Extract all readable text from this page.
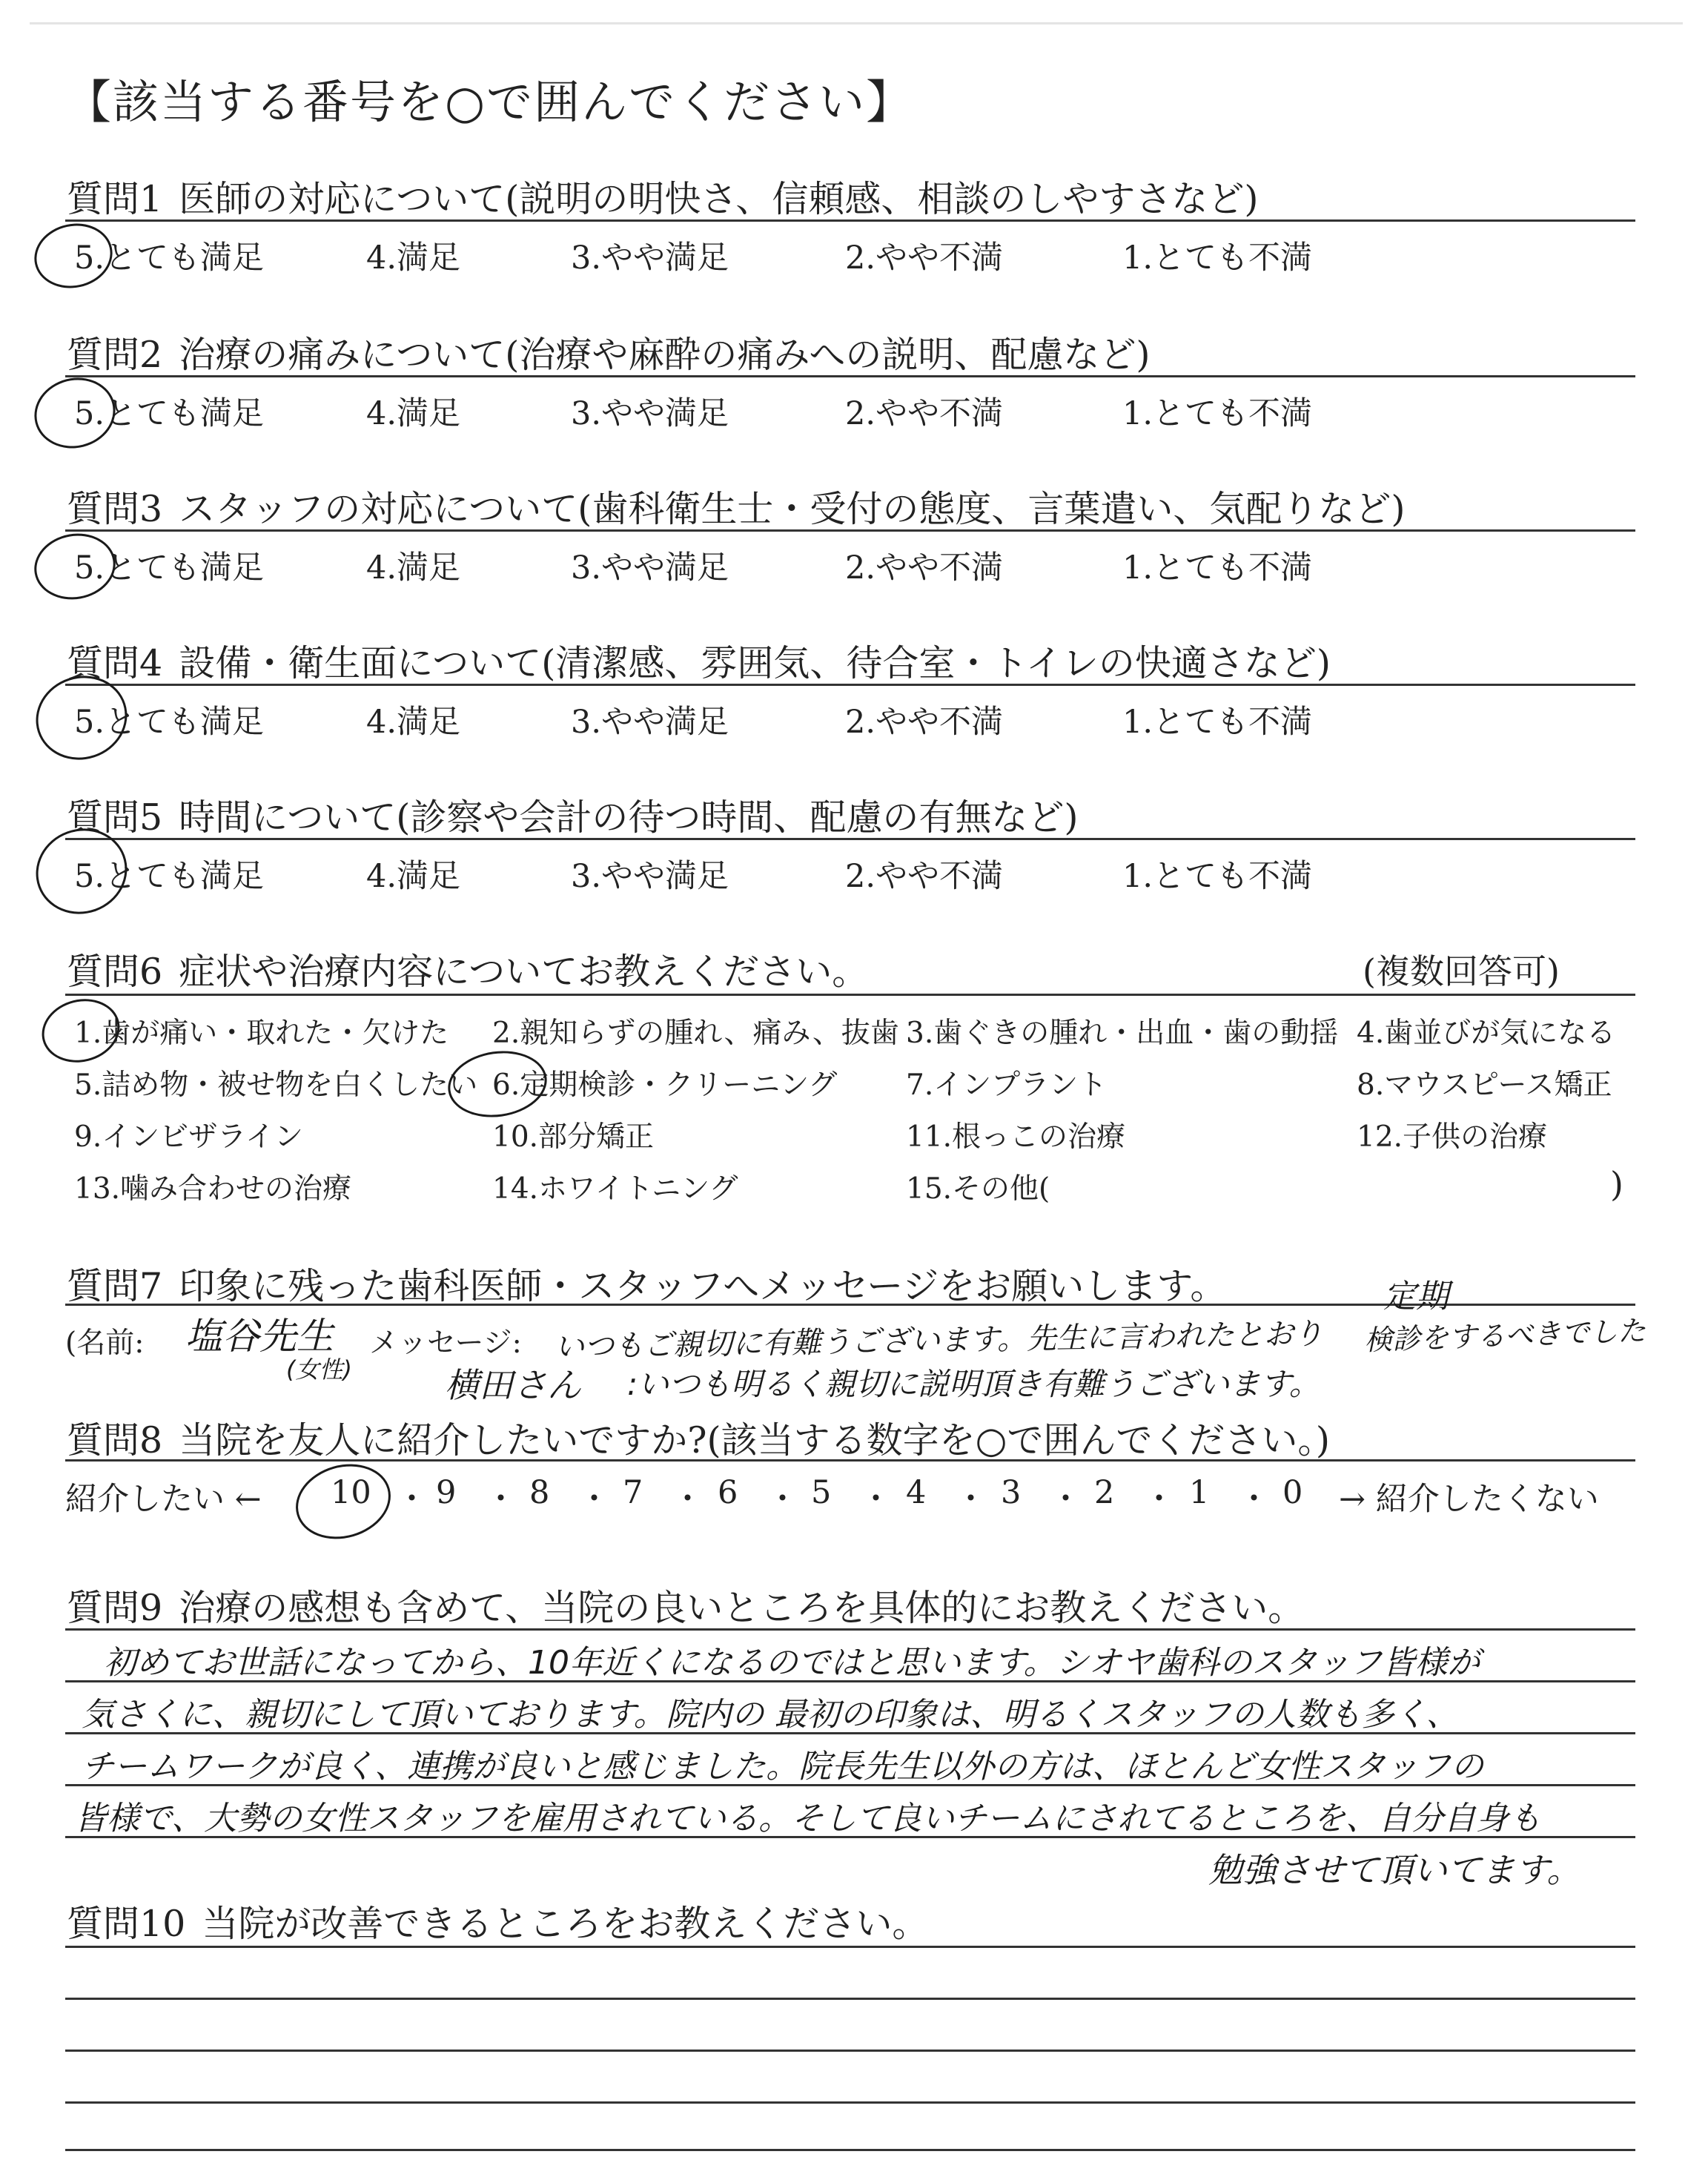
【該当する番号を○で囲んでください】
質問1 医師の対応について(説明の明快さ、信頼感、相談のしやすさなど)
5.とても満足	4.満足	3.やや満足	2.やや不満	1.とても不満
質問2 治療の痛みについて(治療や麻酔の痛みへの説明、配慮など)
5.とても満足	4.満足	3.やや満足	2.やや不満	1.とても不満
質問3 スタッフの対応について(歯科衛生士・受付の態度、言葉遣い、気配りなど)
5.とても満足	4.満足	3.やや満足	2.やや不満	1.とても不満
質問4 設備・衛生面について(清潔感、雰囲気、待合室・トイレの快適さなど)
5.とても満足	4.満足	3.やや満足	2.やや不満	1.とても不満
質問5 時間について(診察や会計の待つ時間、配慮の有無など)
5.とても満足	4.満足	3.やや満足	2.やや不満	1.とても不満
質問6 症状や治療内容についてお教えください。	(複数回答可)
1.歯が痛い・取れた・欠けた 2.親知らずの腫れ、痛み、抜歯 3.歯ぐきの腫れ・出血・歯の動揺 4.歯並びが気になる
5.詰め物・被せ物を白くしたい 6.定期検診・クリーニング 7.インプラント	8.マウスピース矯正
9.インビザライン	10.部分矯正	11.根っこの治療	12.子供の治療
13.噛み合わせの治療	14.ホワイトニング	15.その他(	)
質問7 印象に残った歯科医師・スタッフへメッセージをお願いします。
(名前:	メッセージ:
塩谷先生
(女性)
いつもご親切に有難うございます。先生に言われたとおり
定期
検診をするべきでした
横田さん :いつも明るく親切に説明頂き有難うございます。
質問8 当院を友人に紹介したいですか?(該当する数字を○で囲んでください。)
紹介したい ← 10 ・ 9 ・ 8 ・ 7 ・ 6 ・ 5 ・ 4 ・ 3 ・ 2 ・ 1 ・ 0 → 紹介したくない
質問9 治療の感想も含めて、当院の良いところを具体的にお教えください。
初めてお世話になってから、10年近くになるのではと思います。シオヤ歯科のスタッフ皆様が
気さくに、親切にして頂いております。院内の 最初の印象は、明るくスタッフの人数も多く、
チームワークが良く、連携が良いと感じました。院長先生以外の方は、ほとんど女性スタッフの
皆様で、大勢の女性スタッフを雇用されている。そして良いチームにされてるところを、自分自身も
勉強させて頂いてます。
質問10 当院が改善できるところをお教えください。
